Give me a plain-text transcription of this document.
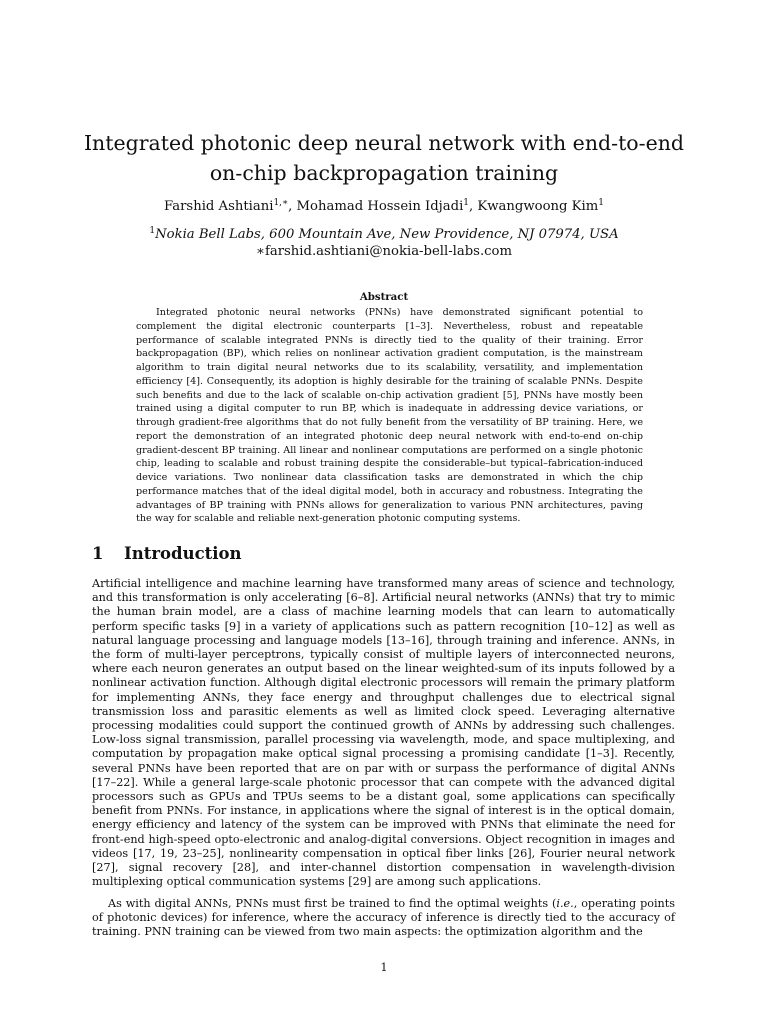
Integrated photonic deep neural network with end-to-end on-chip backpropagation training
Farshid Ashtiani$^{1,∗}$, Mohamad Hossein Idjadi$^1$, Kwangwoong Kim$^1$
$^1$Nokia Bell Labs, 600 Mountain Ave, New Providence, NJ 07974, USA
∗farshid.ashtiani@nokia-bell-labs.com
Abstract

Integrated photonic neural networks (PNNs) have demonstrated significant potential to complement the digital electronic counterparts [1–3]. Nevertheless, robust and repeatable performance of scalable integrated PNNs is directly tied to the quality of their training. Error backpropagation (BP), which relies on nonlinear activation gradient computation, is the mainstream algorithm to train digital neural networks due to its scalability, versatility, and implementation efficiency [4]. Consequently, its adoption is highly desirable for the training of scalable PNNs. Despite such benefits and due to the lack of scalable on-chip activation gradient [5], PNNs have mostly been trained using a digital computer to run BP, which is inadequate in addressing device variations, or through gradient-free algorithms that do not fully benefit from the versatility of BP training. Here, we report the demonstration of an integrated photonic deep neural network with end-to-end on-chip gradient-descent BP training. All linear and nonlinear computations are performed on a single photonic chip, leading to scalable and robust training despite the considerable–but typical–fabrication-induced device variations. Two nonlinear data classification tasks are demonstrated in which the chip performance matches that of the ideal digital model, both in accuracy and robustness. Integrating the advantages of BP training with PNNs allows for generalization to various PNN architectures, paving the way for scalable and reliable next-generation photonic computing systems.

1 Introduction

Artificial intelligence and machine learning have transformed many areas of science and technology, and this transformation is only accelerating [6–8]. Artificial neural networks (ANNs) that try to mimic the human brain model, are a class of machine learning models that can learn to automatically perform specific tasks [9] in a variety of applications such as pattern recognition [10–12] as well as natural language processing and language models [13–16], through training and inference. ANNs, in the form of multi-layer perceptrons, typically consist of multiple layers of interconnected neurons, where each neuron generates an output based on the linear weighted-sum of its inputs followed by a nonlinear activation function. Although digital electronic processors will remain the primary platform for implementing ANNs, they face energy and throughput challenges due to electrical signal transmission loss and parasitic elements as well as limited clock speed. Leveraging alternative processing modalities could support the continued growth of ANNs by addressing such challenges. Low-loss signal transmission, parallel processing via wavelength, mode, and space multiplexing, and computation by propagation make optical signal processing a promising candidate [1–3]. Recently, several PNNs have been reported that are on par with or surpass the performance of digital ANNs [17–22]. While a general large-scale photonic processor that can compete with the advanced digital processors such as GPUs and TPUs seems to be a distant goal, some applications can specifically benefit from PNNs. For instance, in applications where the signal of interest is in the optical domain, energy efficiency and latency of the system can be improved with PNNs that eliminate the need for front-end high-speed opto-electronic and analog-digital conversions. Object recognition in images and videos [17, 19, 23–25], nonlinearity compensation in optical fiber links [26], Fourier neural network [27], signal recovery [28], and inter-channel distortion compensation in wavelength-division multiplexing optical communication systems [29] are among such applications.

As with digital ANNs, PNNs must first be trained to find the optimal weights (i.e., operating points of photonic devices) for inference, where the accuracy of inference is directly tied to the accuracy of training. PNN training can be viewed from two main aspects: the optimization algorithm and the

1
